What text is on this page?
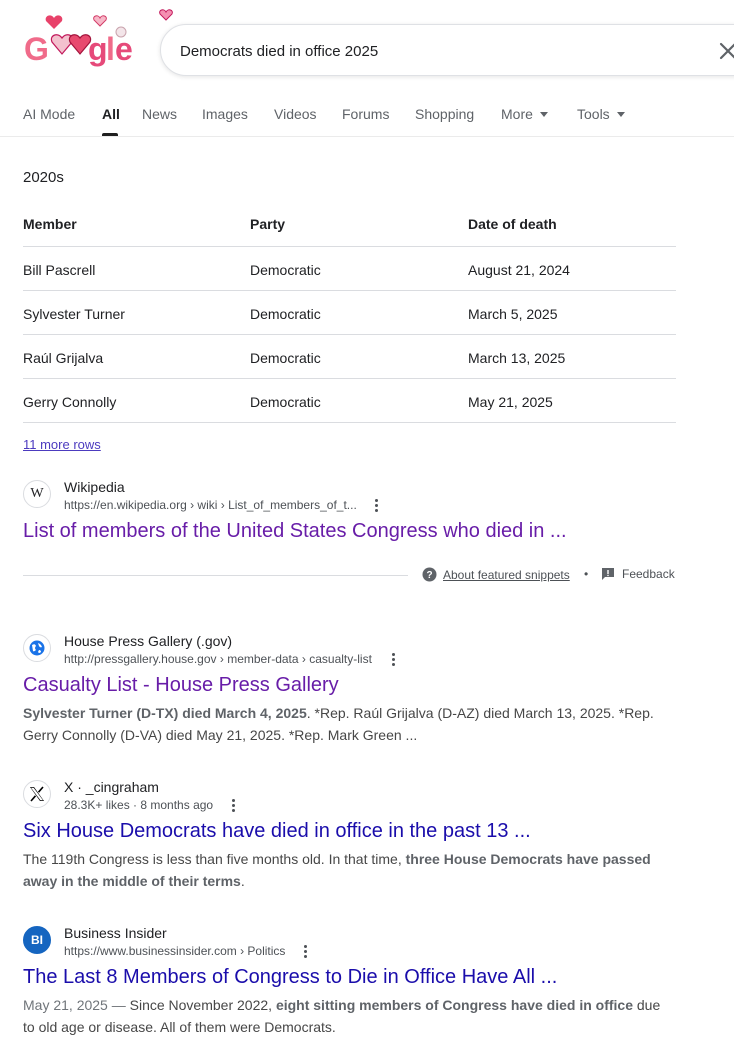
G g
l e
Democrats died in office 2025
AI Mode All News Images Videos Forums Shopping More	Tools
2020s
Member	Party	Date of death
Bill Pascrell	Democratic	August 21, 2024
Sylvester Turner	Democratic	March 5, 2025
Raúl Grijalva	Democratic	March 13, 2025
Gerry Connolly	Democratic	May 21, 2025
11 more rows
W Wikipedia
https://en.wikipedia.org › wiki › List_of_members_of_t...
List of members of the United States Congress who died in ...
? About featured snippets •	Feedback
House Press Gallery (.gov)
http://pressgallery.house.gov › member-data › casualty-list
Casualty List - House Press Gallery
Sylvester Turner (D-TX) died March 4, 2025. *Rep. Raúl Grijalva (D-AZ) died March 13, 2025. *Rep. Gerry Connolly (D-VA) died May 21, 2025. *Rep. Mark Green ...
X · _cingraham
28.3K+ likes · 8 months ago
Six House Democrats have died in office in the past 13 ...
The 119th Congress is less than five months old. In that time, three House Democrats have passed away in the middle of their terms.
BI Business Insider
https://www.businessinsider.com › Politics
The Last 8 Members of Congress to Die in Office Have All ...
May 21, 2025 — Since November 2022, eight sitting members of Congress have died in office due to old age or disease. All of them were Democrats.
